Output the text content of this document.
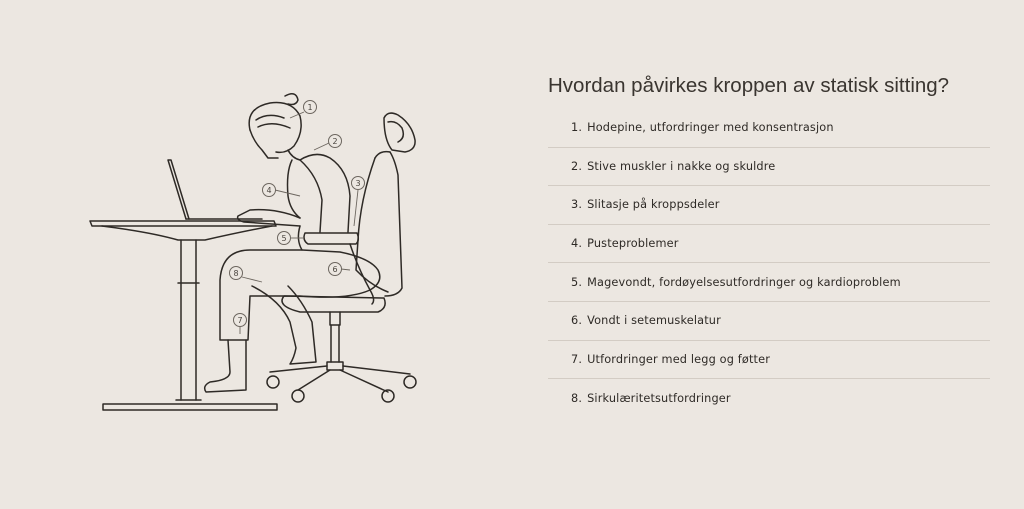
1
2
3
4
5
6
7
8
Hvordan påvirkes kroppen av statisk sitting?
1. Hodepine, utfordringer med konsentrasjon
2. Stive muskler i nakke og skuldre
3. Slitasje på kroppsdeler
4. Pusteproblemer
5. Magevondt, fordøyelsesutfordringer og kardioproblem
6. Vondt i setemuskelatur
7. Utfordringer med legg og føtter
8. Sirkulæritetsutfordringer
